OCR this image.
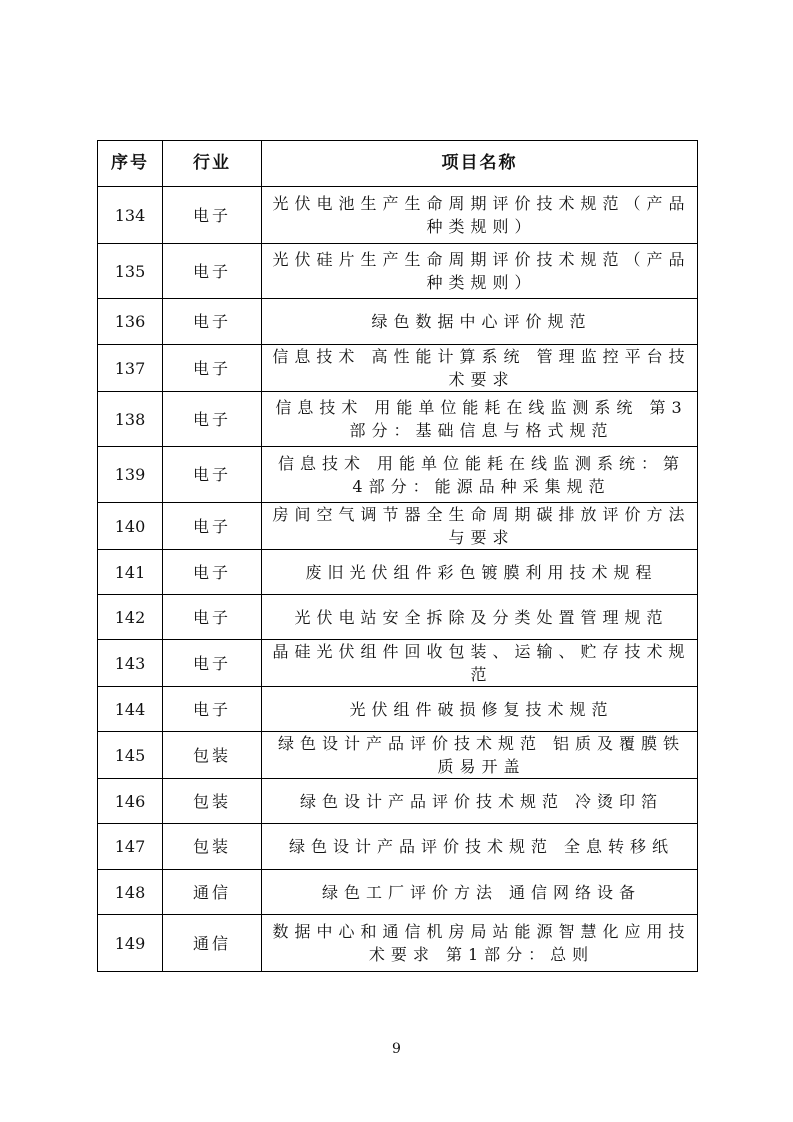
序号	行业	项目名称
134	电子	光伏电池生产生命周期评价技术规范（产品种类规则）
135	电子	光伏硅片生产生命周期评价技术规范（产品种类规则）
136	电子	绿色数据中心评价规范
137	电子	信息技术 高性能计算系统 管理监控平台技术要求
138	电子	信息技术 用能单位能耗在线监测系统 第3部分：基础信息与格式规范
139	电子	信息技术 用能单位能耗在线监测系统：第4部分：能源品种采集规范
140	电子	房间空气调节器全生命周期碳排放评价方法与要求
141	电子	废旧光伏组件彩色镀膜利用技术规程
142	电子	光伏电站安全拆除及分类处置管理规范
143	电子	晶硅光伏组件回收包装、运输、贮存技术规范
144	电子	光伏组件破损修复技术规范
145	包装	绿色设计产品评价技术规范 铝质及覆膜铁质易开盖
146	包装	绿色设计产品评价技术规范 冷烫印箔
147	包装	绿色设计产品评价技术规范 全息转移纸
148	通信	绿色工厂评价方法 通信网络设备
149	通信	数据中心和通信机房局站能源智慧化应用技术要求 第1部分：总则
9
